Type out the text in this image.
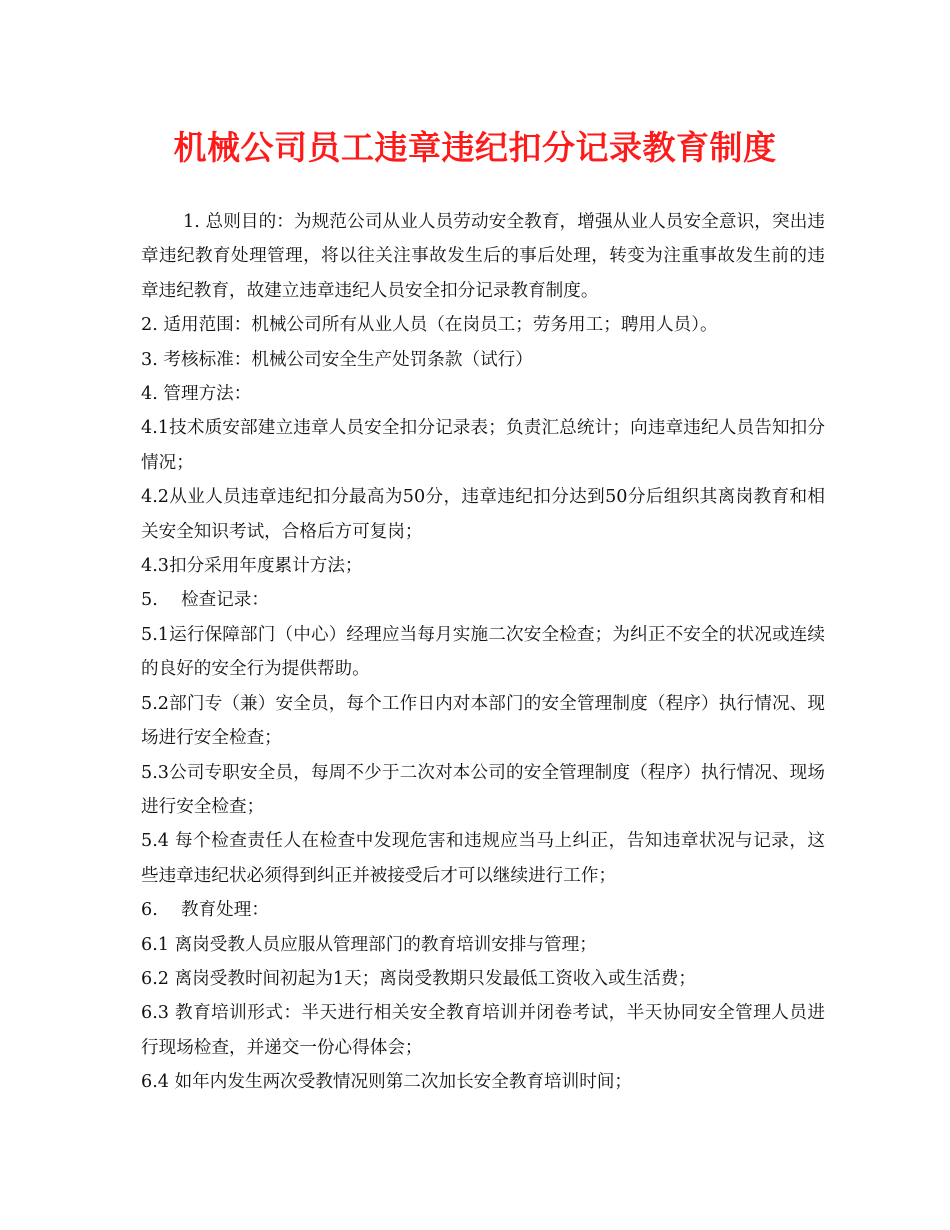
机械公司员工违章违纪扣分记录教育制度

1. 总则目的：为规范公司从业人员劳动安全教育，增强从业人员安全意识，突出违章违纪教育处理管理，将以往关注事故发生后的事后处理，转变为注重事故发生前的违章违纪教育，故建立违章违纪人员安全扣分记录教育制度。

2. 适用范围：机械公司所有从业人员（在岗员工；劳务用工；聘用人员）。

3. 考核标准：机械公司安全生产处罚条款（试行）

4. 管理方法：

4.1技术质安部建立违章人员安全扣分记录表；负责汇总统计；向违章违纪人员告知扣分情况；

4.2从业人员违章违纪扣分最高为50分，违章违纪扣分达到50分后组织其离岗教育和相关安全知识考试，合格后方可复岗；

4.3扣分采用年度累计方法；

5.　 检查记录：

5.1运行保障部门（中心）经理应当每月实施二次安全检查；为纠正不安全的状况或连续的良好的安全行为提供帮助。

5.2部门专（兼）安全员，每个工作日内对本部门的安全管理制度（程序）执行情况、现场进行安全检查；

5.3公司专职安全员，每周不少于二次对本公司的安全管理制度（程序）执行情况、现场进行安全检查；

5.4 每个检查责任人在检查中发现危害和违规应当马上纠正，告知违章状况与记录，这些违章违纪状必须得到纠正并被接受后才可以继续进行工作；

6.　 教育处理：

6.1 离岗受教人员应服从管理部门的教育培训安排与管理；

6.2 离岗受教时间初起为1天；离岗受教期只发最低工资收入或生活费；

6.3 教育培训形式：半天进行相关安全教育培训并闭卷考试，半天协同安全管理人员进行现场检查，并递交一份心得体会；

6.4 如年内发生两次受教情况则第二次加长安全教育培训时间；
